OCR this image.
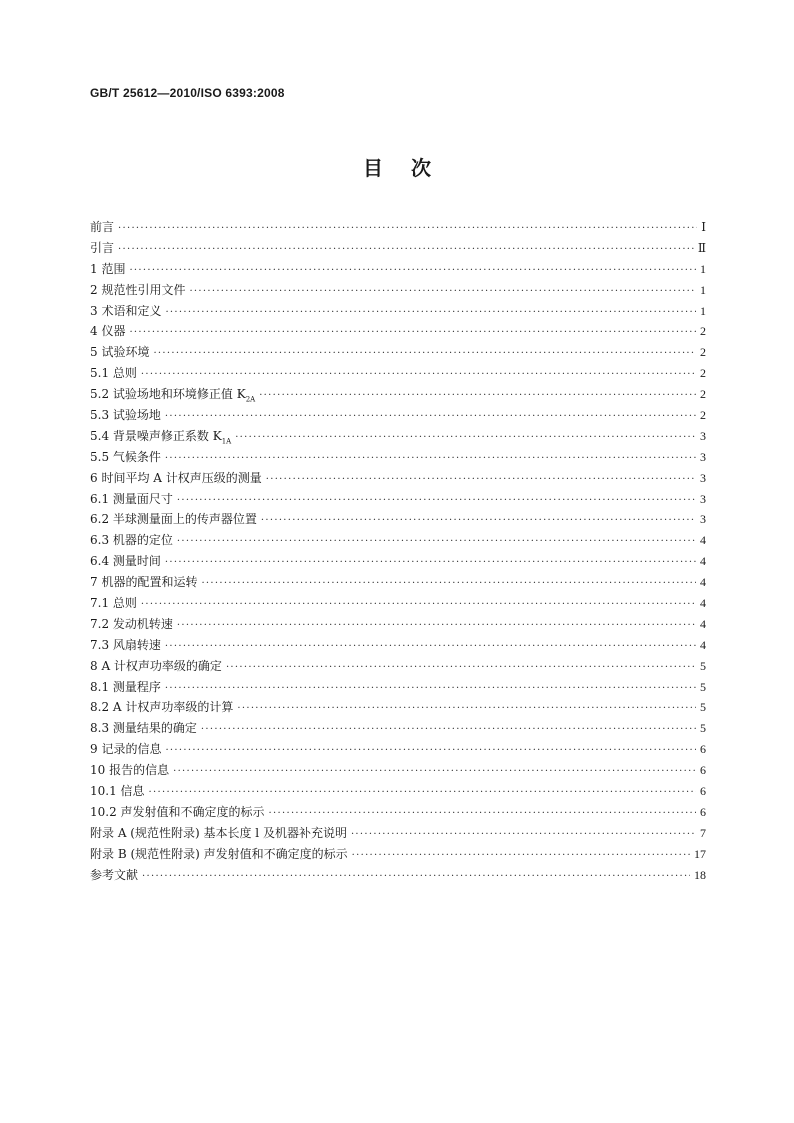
GB/T 25612—2010/ISO 6393:2008
目次
前言 ·····	Ⅰ
引言 ·····	Ⅱ
1 范围 ·····	1
2 规范性引用文件 ·····	1
3 术语和定义 ·····	1
4 仪器 ·····	2
5 试验环境 ·····	2
5.1 总则 ·····	2
5.2 试验场地和环境修正值 $K_{2A}$ ·····	2
5.3 试验场地 ·····	2
5.4 背景噪声修正系数 $K_{1A}$ ·····	3
5.5 气候条件 ·····	3
6 时间平均 A 计权声压级的测量 ·····	3
6.1 测量面尺寸 ·····	3
6.2 半球测量面上的传声器位置 ·····	3
6.3 机器的定位 ·····	4
6.4 测量时间 ·····	4
7 机器的配置和运转 ·····	4
7.1 总则 ·····	4
7.2 发动机转速 ·····	4
7.3 风扇转速 ·····	4
8 A 计权声功率级的确定 ·····	5
8.1 测量程序 ·····	5
8.2 A 计权声功率级的计算 ·····	5
8.3 测量结果的确定 ·····	5
9 记录的信息 ·····	6
10 报告的信息 ·····	6
10.1 信息 ·····	6
10.2 声发射值和不确定度的标示 ·····	6
附录 A (规范性附录) 基本长度 l 及机器补充说明 ·····	7
附录 B (规范性附录) 声发射值和不确定度的标示 ·····	17
参考文献 ·····	18
